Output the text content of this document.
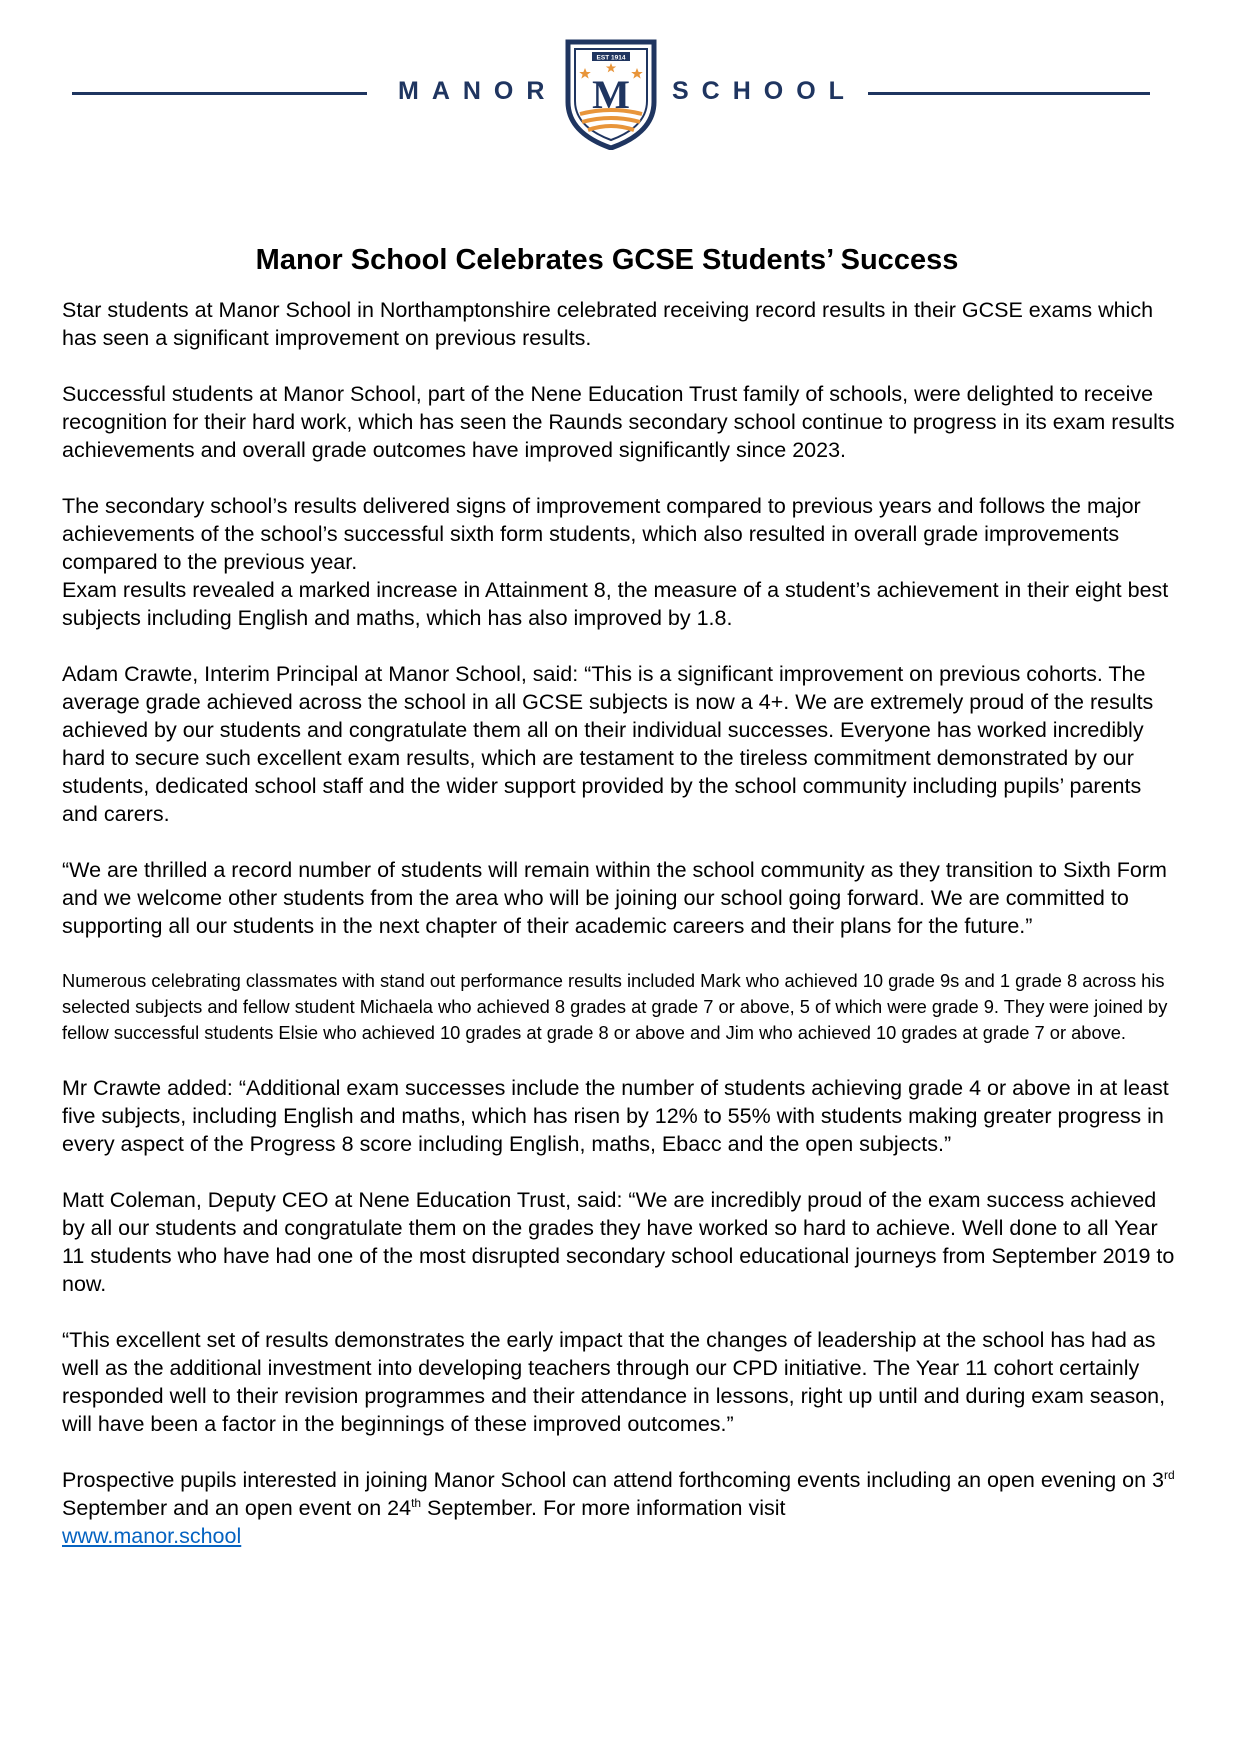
MANOR
EST 1914
M SCHOOL
Manor School Celebrates GCSE Students’ Success

Star students at Manor School in Northamptonshire celebrated receiving record results in their GCSE exams which has seen a significant improvement on previous results.

Successful students at Manor School, part of the Nene Education Trust family of schools, were delighted to receive recognition for their hard work, which has seen the Raunds secondary school continue to progress in its exam results achievements and overall grade outcomes have improved significantly since 2023.

The secondary school’s results delivered signs of improvement compared to previous years and follows the major achievements of the school’s successful sixth form students, which also resulted in overall grade improvements compared to the previous year.

Exam results revealed a marked increase in Attainment 8, the measure of a student’s achievement in their eight best subjects including English and maths, which has also improved by 1.8.

Adam Crawte, Interim Principal at Manor School, said: “This is a significant improvement on previous cohorts. The average grade achieved across the school in all GCSE subjects is now a 4+. We are extremely proud of the results achieved by our students and congratulate them all on their individual successes. Everyone has worked incredibly hard to secure such excellent exam results, which are testament to the tireless commitment demonstrated by our students, dedicated school staff and the wider support provided by the school community including pupils’ parents and carers.

“We are thrilled a record number of students will remain within the school community as they transition to Sixth Form and we welcome other students from the area who will be joining our school going forward. We are committed to supporting all our students in the next chapter of their academic careers and their plans for the future.”

Numerous celebrating classmates with stand out performance results included Mark who achieved 10 grade 9s and 1 grade 8 across his selected subjects and fellow student Michaela who achieved 8 grades at grade 7 or above, 5 of which were grade 9. They were joined by fellow successful students Elsie who achieved 10 grades at grade 8 or above and Jim who achieved 10 grades at grade 7 or above.

Mr Crawte added: “Additional exam successes include the number of students achieving grade 4 or above in at least five subjects, including English and maths, which has risen by 12% to 55% with students making greater progress in every aspect of the Progress 8 score including English, maths, Ebacc and the open subjects.”

Matt Coleman, Deputy CEO at Nene Education Trust, said: “We are incredibly proud of the exam success achieved by all our students and congratulate them on the grades they have worked so hard to achieve. Well done to all Year 11 students who have had one of the most disrupted secondary school educational journeys from September 2019 to now.

“This excellent set of results demonstrates the early impact that the changes of leadership at the school has had as well as the additional investment into developing teachers through our CPD initiative. The Year 11 cohort certainly responded well to their revision programmes and their attendance in lessons, right up until and during exam season, will have been a factor in the beginnings of these improved outcomes.”

Prospective pupils interested in joining Manor School can attend forthcoming events including an open evening on 3rd September and an open event on 24th September. For more information visit
www.manor.school
